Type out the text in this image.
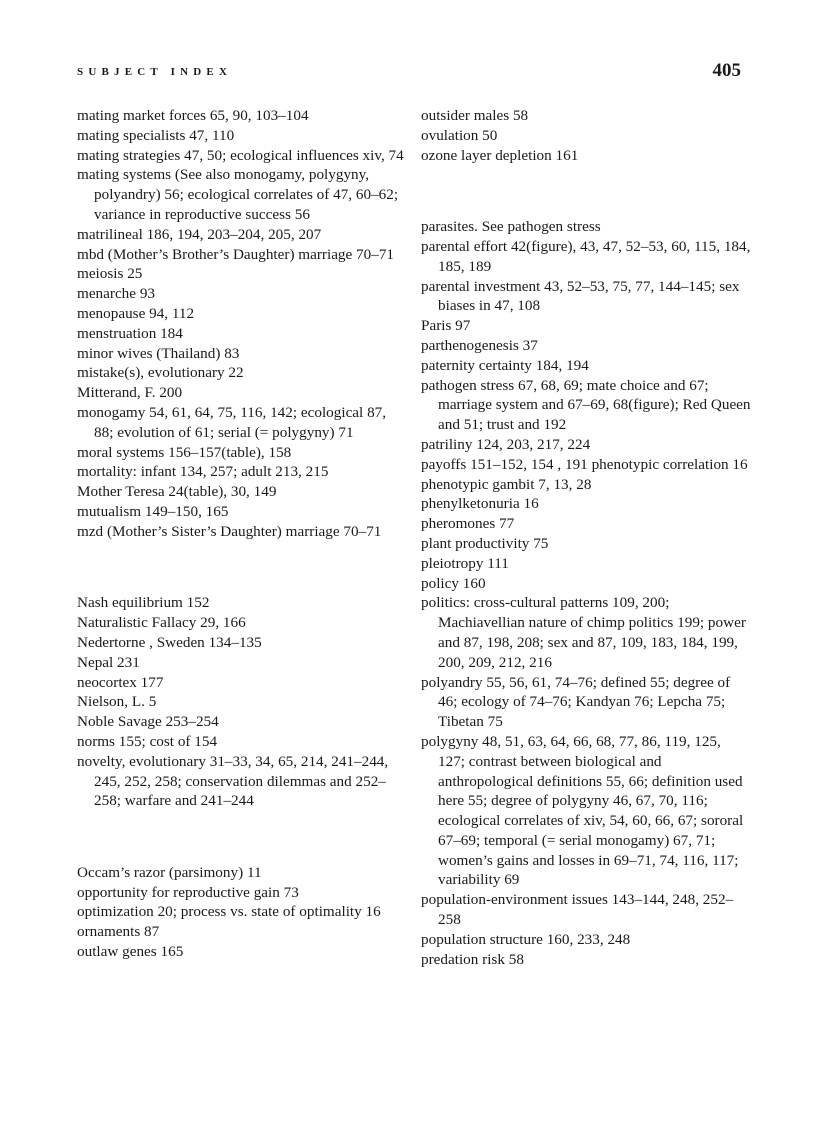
SUBJECT INDEX	405

mating market forces 65, 90, 103–104

mating specialists 47, 110

mating strategies 47, 50; ecological influences xiv, 74

mating systems (See also monogamy, polygyny, polyandry) 56; ecological correlates of 47, 60–62; variance in reproductive success 56

matrilineal 186, 194, 203–204, 205, 207

mbd (Mother’s Brother’s Daughter) marriage 70–71

meiosis 25

menarche 93

menopause 94, 112

menstruation 184

minor wives (Thailand) 83

mistake(s), evolutionary 22

Mitterand, F. 200

monogamy 54, 61, 64, 75, 116, 142; ecological 87, 88; evolution of 61; serial (= polygyny) 71

moral systems 156–157(table), 158

mortality: infant 134, 257; adult 213, 215

Mother Teresa 24(table), 30, 149

mutualism 149–150, 165

mzd (Mother’s Sister’s Daughter) marriage 70–71

Nash equilibrium 152

Naturalistic Fallacy 29, 166

Nedertorne , Sweden 134–135

Nepal 231

neocortex 177

Nielson, L. 5

Noble Savage 253–254

norms 155; cost of 154

novelty, evolutionary 31–33, 34, 65, 214, 241–244, 245, 252, 258; conservation dilemmas and 252–258; warfare and 241–244

Occam’s razor (parsimony) 11

opportunity for reproductive gain 73

optimization 20; process vs. state of optimality 16

ornaments 87

outlaw genes 165

outsider males 58

ovulation 50

ozone layer depletion 161

parasites. See pathogen stress

parental effort 42(figure), 43, 47, 52–53, 60, 115, 184, 185, 189

parental investment 43, 52–53, 75, 77, 144–145; sex biases in 47, 108

Paris 97

parthenogenesis 37

paternity certainty 184, 194

pathogen stress 67, 68, 69; mate choice and 67; marriage system and 67–69, 68(figure); Red Queen and 51; trust and 192

patriliny 124, 203, 217, 224

payoffs 151–152, 154 , 191 phenotypic correlation 16

phenotypic gambit 7, 13, 28

phenylketonuria 16

pheromones 77

plant productivity 75

pleiotropy 111

policy 160

politics: cross-cultural patterns 109, 200; Machiavellian nature of chimp politics 199; power and 87, 198, 208; sex and 87, 109, 183, 184, 199, 200, 209, 212, 216

polyandry 55, 56, 61, 74–76; defined 55; degree of 46; ecology of 74–76; Kandyan 76; Lepcha 75; Tibetan 75

polygyny 48, 51, 63, 64, 66, 68, 77, 86, 119, 125, 127; contrast between biological and anthropological definitions 55, 66; definition used here 55; degree of polygyny 46, 67, 70, 116; ecological correlates of xiv, 54, 60, 66, 67; sororal 67–69; temporal (= serial monogamy) 67, 71; women’s gains and losses in 69–71, 74, 116, 117; variability 69

population-environment issues 143–144, 248, 252–258

population structure 160, 233, 248

predation risk 58
